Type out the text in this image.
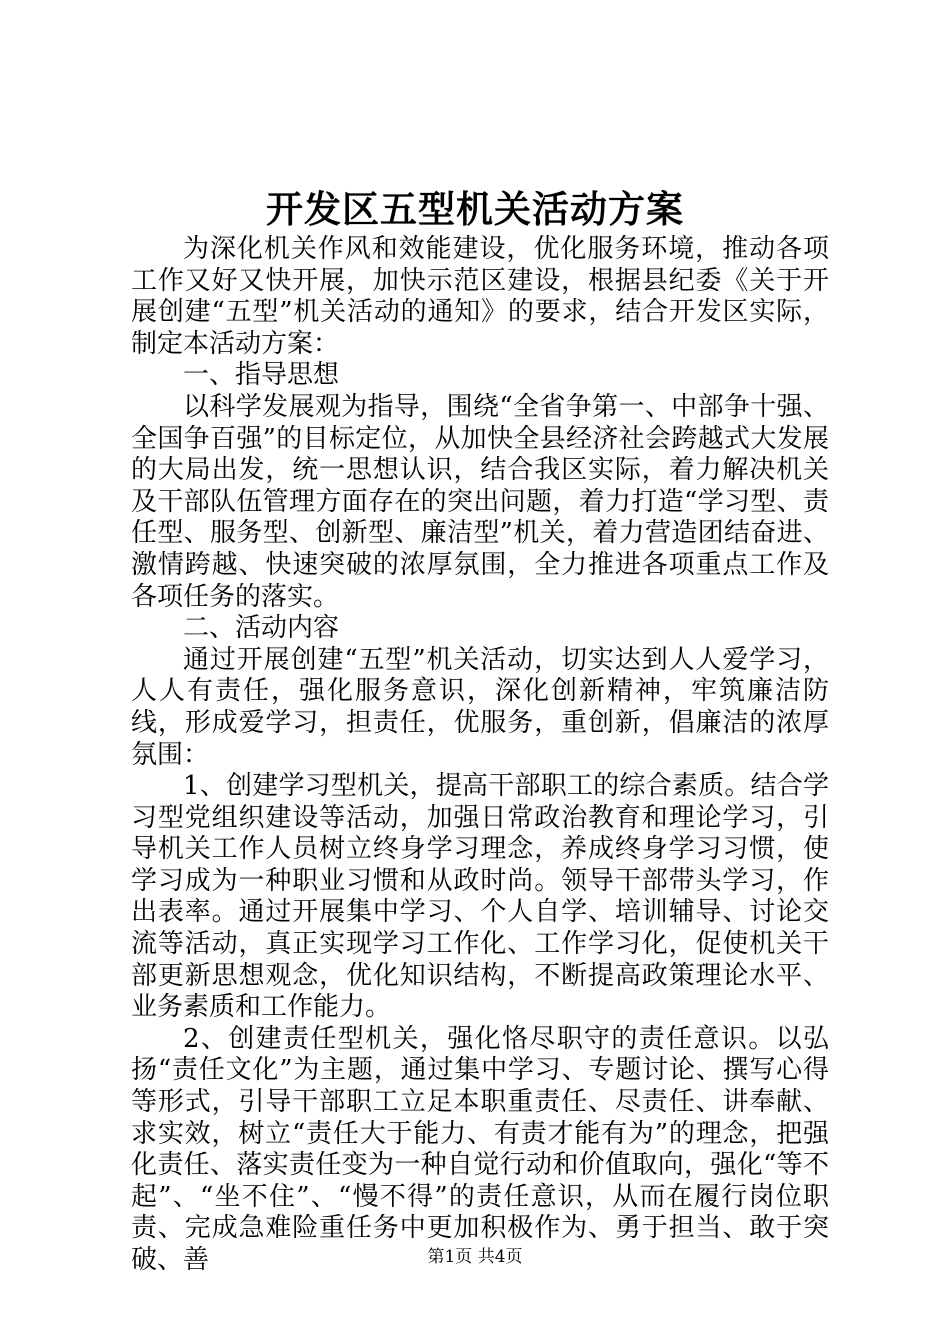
开发区五型机关活动方案

为深化机关作风和效能建设，优化服务环境，推动各项工作又好又快开展，加快示范区建设，根据县纪委《关于开展创建“五型”机关活动的通知》的要求，结合开发区实际，制定本活动方案：

一、指导思想

以科学发展观为指导，围绕“全省争第一、中部争十强、全国争百强”的目标定位，从加快全县经济社会跨越式大发展的大局出发，统一思想认识，结合我区实际，着力解决机关及干部队伍管理方面存在的突出问题，着力打造“学习型、责任型、服务型、创新型、廉洁型”机关，着力营造团结奋进、激情跨越、快速突破的浓厚氛围，全力推进各项重点工作及各项任务的落实。

二、活动内容

通过开展创建“五型”机关活动，切实达到人人爱学习，人人有责任，强化服务意识，深化创新精神，牢筑廉洁防线，形成爱学习，担责任，优服务，重创新，倡廉洁的浓厚氛围：

1、创建学习型机关，提高干部职工的综合素质。结合学习型党组织建设等活动，加强日常政治教育和理论学习，引导机关工作人员树立终身学习理念，养成终身学习习惯，使学习成为一种职业习惯和从政时尚。领导干部带头学习，作出表率。通过开展集中学习、个人自学、培训辅导、讨论交流等活动，真正实现学习工作化、工作学习化，促使机关干部更新思想观念，优化知识结构，不断提高政策理论水平、业务素质和工作能力。

2、创建责任型机关，强化恪尽职守的责任意识。以弘扬“责任文化”为主题，通过集中学习、专题讨论、撰写心得等形式，引导干部职工立足本职重责任、尽责任、讲奉献、求实效，树立“责任大于能力、有责才能有为”的理念，把强化责任、落实责任变为一种自觉行动和价值取向，强化“等不起”、“坐不住”、“慢不得”的责任意识，从而在履行岗位职责、完成急难险重任务中更加积极作为、勇于担当、敢于突破、善	第1页 共4页
